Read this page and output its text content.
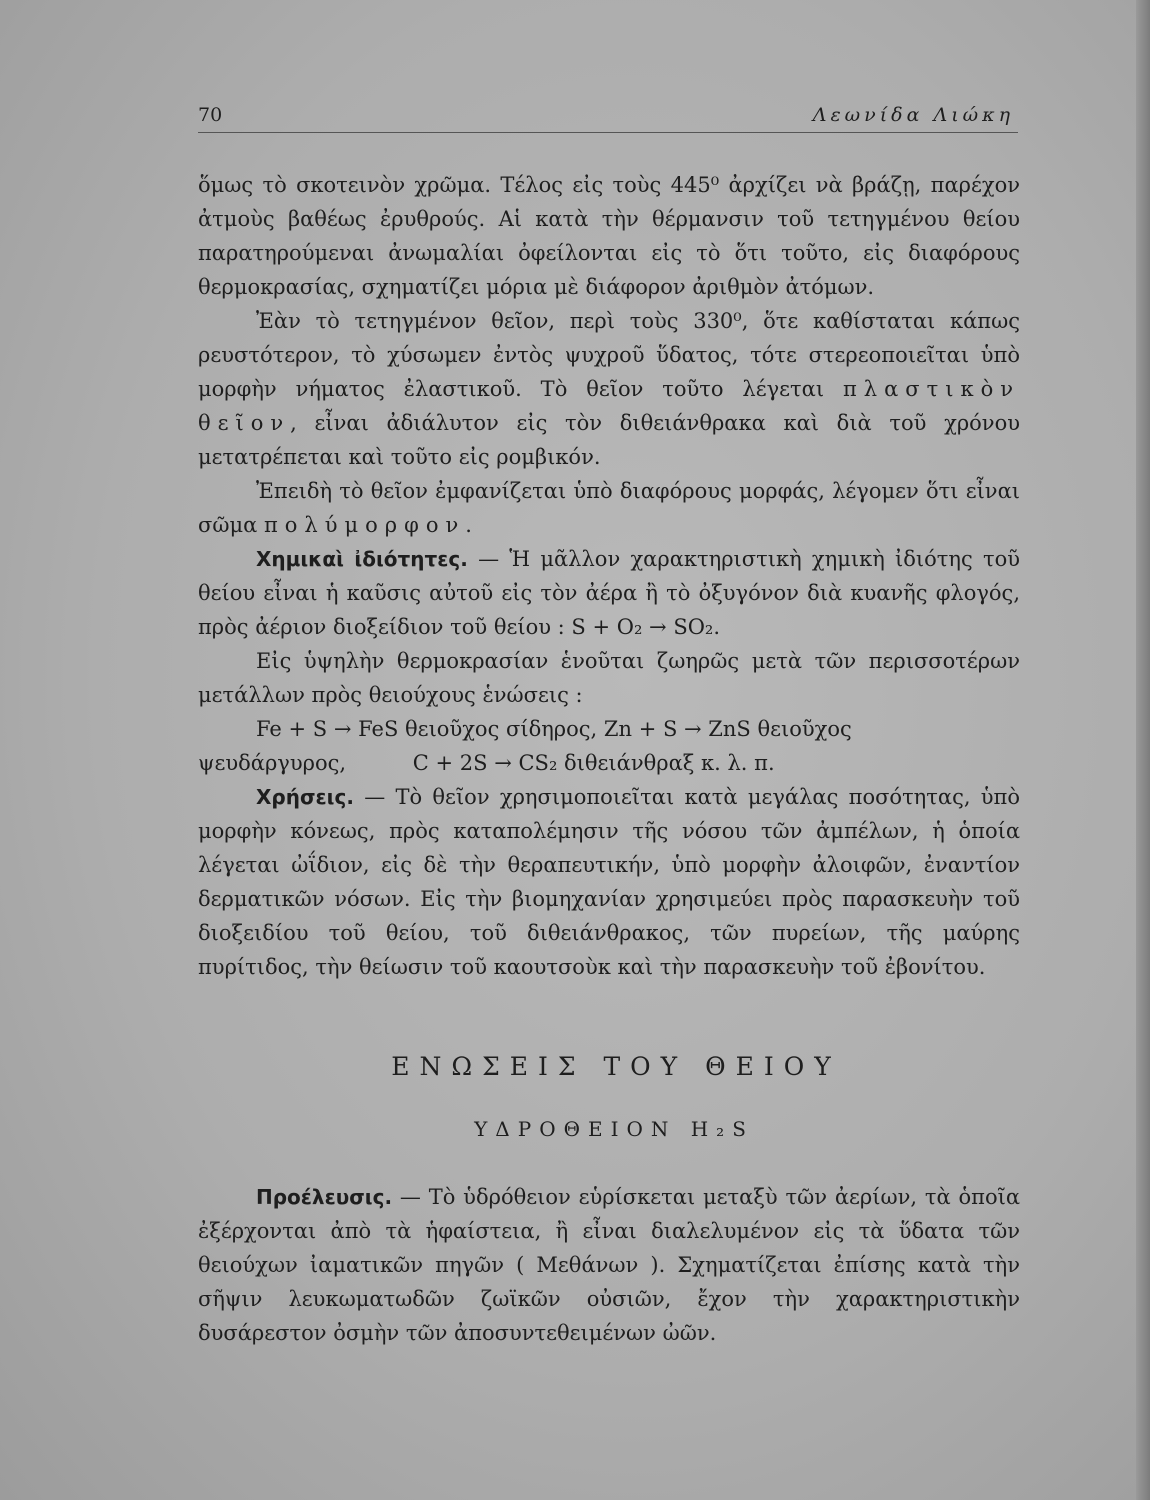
70	Λεωνίδα Λιώκη

ὅμως τὸ σκοτεινὸν χρῶμα. Τέλος εἰς τοὺς 445⁰ ἀρχίζει νὰ βράζῃ, παρέχον ἀτμοὺς βαθέως ἐρυθρούς. Αἱ κατὰ τὴν θέρμανσιν τοῦ τετηγμένου θείου παρατηρούμεναι ἀνωμαλίαι ὀφείλονται εἰς τὸ ὅτι τοῦτο, εἰς διαφόρους θερμοκρασίας, σχηματίζει μόρια μὲ διάφορον ἀριθμὸν ἀτόμων.

Ἐὰν τὸ τετηγμένον θεῖον, περὶ τοὺς 330⁰, ὅτε καθίσταται κάπως ρευστότερον, τὸ χύσωμεν ἐντὸς ψυχροῦ ὕδατος, τότε στερεοποιεῖται ὑπὸ μορφὴν νήματος ἐλαστικοῦ. Τὸ θεῖον τοῦτο λέγεται πλαστικὸν θεῖον, εἶναι ἀδιάλυτον εἰς τὸν διθειάνθρακα καὶ διὰ τοῦ χρόνου μετατρέπεται καὶ τοῦτο εἰς ρομβικόν.

Ἐπειδὴ τὸ θεῖον ἐμφανίζεται ὑπὸ διαφόρους μορφάς, λέγομεν ὅτι εἶναι σῶμα πολύμορφον.

Χημικαὶ ἰδιότητες. — Ἡ μᾶλλον χαρακτηριστικὴ χημικὴ ἰδιότης τοῦ θείου εἶναι ἡ καῦσις αὐτοῦ εἰς τὸν ἀέρα ἢ τὸ ὀξυγόνον διὰ κυανῆς φλογός, πρὸς ἀέριον διοξείδιον τοῦ θείου : S + O₂ → SO₂.

Εἰς ὑψηλὴν θερμοκρασίαν ἑνοῦται ζωηρῶς μετὰ τῶν περισσοτέρων μετάλλων πρὸς θειούχους ἑνώσεις :

Fe + S → FeS θειοῦχος σίδηρος, Zn + S → ZnS θειοῦχος

ψευδάργυρος,          C + 2S → CS₂ διθειάνθραξ κ. λ. π.

Χρήσεις. — Τὸ θεῖον χρησιμοποιεῖται κατὰ μεγάλας ποσότητας, ὑπὸ μορφὴν κόνεως, πρὸς καταπολέμησιν τῆς νόσου τῶν ἀμπέλων, ἡ ὁποία λέγεται ὠΐδιον, εἰς δὲ τὴν θεραπευτικήν, ὑπὸ μορφὴν ἀλοιφῶν, ἐναντίον δερματικῶν νόσων. Εἰς τὴν βιομηχανίαν χρησιμεύει πρὸς παρασκευὴν τοῦ διοξειδίου τοῦ θείου, τοῦ διθειάνθρακος, τῶν πυρείων, τῆς μαύρης πυρίτιδος, τὴν θείωσιν τοῦ καουτσοὺκ καὶ τὴν παρασκευὴν τοῦ ἐβονίτου.

ΕΝΩΣΕΙΣ ΤΟΥ ΘΕΙΟΥ

ΥΔΡΟΘΕΙΟΝ H₂S

Προέλευσις. — Τὸ ὑδρόθειον εὑρίσκεται μεταξὺ τῶν ἀερίων, τὰ ὁποῖα ἐξέρχονται ἀπὸ τὰ ἡφαίστεια, ἢ εἶναι διαλελυμένον εἰς τὰ ὕδατα τῶν θειούχων ἰαματικῶν πηγῶν ( Μεθάνων ). Σχηματίζεται ἐπίσης κατὰ τὴν σῆψιν λευκωματωδῶν ζωϊκῶν οὐσιῶν, ἔχον τὴν χαρακτηριστικὴν δυσάρεστον ὀσμὴν τῶν ἀποσυντεθειμένων ὠῶν.
